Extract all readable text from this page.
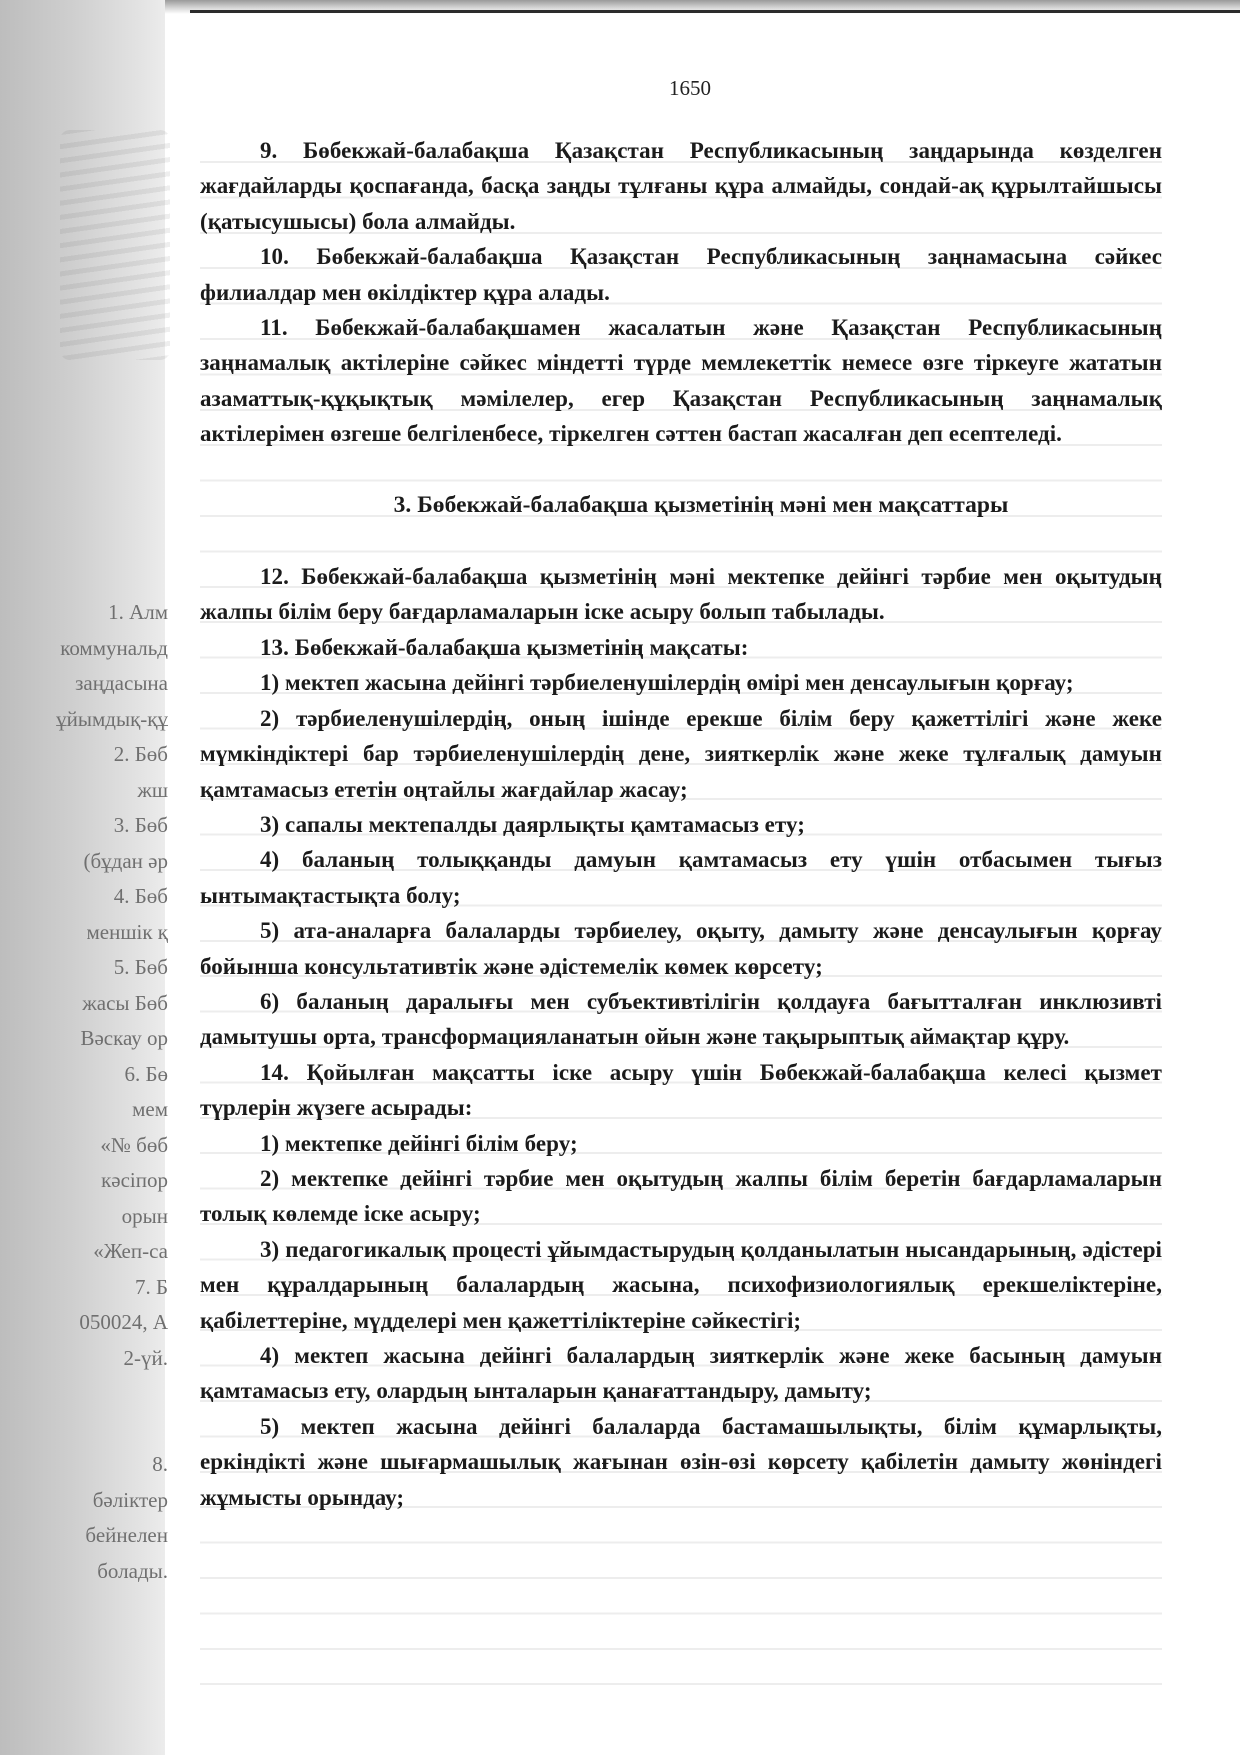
1. Алм
коммунальд
заңдасына
ұйымдық-құ
2. Бөб
жш
3. Бөб
(бұдан әр
4. Бөб
меншік қ
5. Бөб
жасы Бөб
Вәскау ор
6. Бө
мем
«№ бөб
кәсіпор
орын
«Жеп-са
7. Б
050024, А
2-үй.
8.
бәліктер
бейнелен
болады.
1650

9. Бөбекжай-балабақша Қазақстан Республикасының заңдарында көзделген жағдайларды қоспағанда, басқа заңды тұлғаны құра алмайды, сондай-ақ құрылтайшысы (қатысушысы) бола алмайды.

10. Бөбекжай-балабақша Қазақстан Республикасының заңнамасына сәйкес филиалдар мен өкілдіктер құра алады.

11. Бөбекжай-балабақшамен жасалатын және Қазақстан Республикасының заңнамалық актілеріне сәйкес міндетті түрде мемлекеттік немесе өзге тіркеуге жататын азаматтық-құқықтық мәмілелер, егер Қазақстан Республикасының заңнамалық актілерімен өзгеше белгіленбесе, тіркелген сәттен бастап жасалған деп есептеледі.

3. Бөбекжай-балабақша қызметінің мәні мен мақсаттары

12. Бөбекжай-балабақша қызметінің мәні мектепке дейінгі тәрбие мен оқытудың жалпы білім беру бағдарламаларын іске асыру болып табылады.

13. Бөбекжай-балабақша қызметінің мақсаты:

1) мектеп жасына дейінгі тәрбиеленушілердің өмірі мен денсаулығын қорғау;

2) тәрбиеленушілердің, оның ішінде ерекше білім беру қажеттілігі және жеке мүмкіндіктері бар тәрбиеленушілердің дене, зияткерлік және жеке тұлғалық дамуын қамтамасыз ететін оңтайлы жағдайлар жасау;

3) сапалы мектепалды даярлықты қамтамасыз ету;

4) баланың толыққанды дамуын қамтамасыз ету үшін отбасымен тығыз ынтымақтастықта болу;

5) ата-аналарға балаларды тәрбиелеу, оқыту, дамыту және денсаулығын қорғау бойынша консультативтік және әдістемелік көмек көрсету;

6) баланың даралығы мен субъективтілігін қолдауға бағытталған инклюзивті дамытушы орта, трансформацияланатын ойын және тақырыптық аймақтар құру.

14. Қойылған мақсатты іске асыру үшін Бөбекжай-балабақша келесі қызмет түрлерін жүзеге асырады:

1) мектепке дейінгі білім беру;

2) мектепке дейінгі тәрбие мен оқытудың жалпы білім беретін бағдарламаларын толық көлемде іске асыру;

3) педагогикалық процесті ұйымдастырудың қолданылатын нысандарының, әдістері мен құралдарының балалардың жасына, психофизиологиялық ерекшеліктеріне, қабілеттеріне, мүдделері мен қажеттіліктеріне сәйкестігі;

4) мектеп жасына дейінгі балалардың зияткерлік және жеке басының дамуын қамтамасыз ету, олардың ынталарын қанағаттандыру, дамыту;

5) мектеп жасына дейінгі балаларда бастамашылықты, білім құмарлықты, еркіндікті және шығармашылық жағынан өзін-өзі көрсету қабілетін дамыту жөніндегі жұмысты орындау;
